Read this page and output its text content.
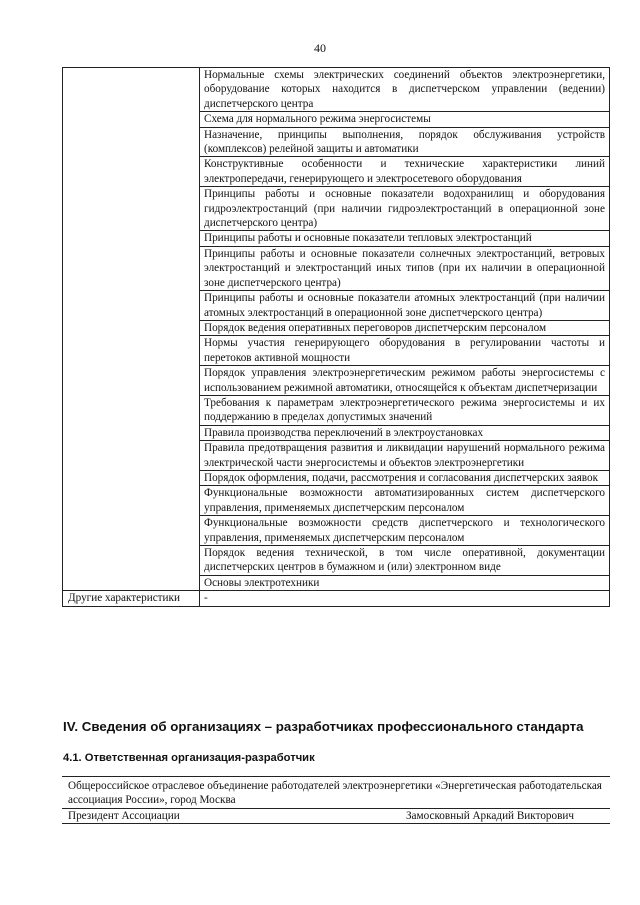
40
	Нормальные схемы электрических соединений объектов электроэнергетики, оборудование которых находится в диспетчерском управлении (ведении) диспетчерского центра
	Схема для нормального режима энергосистемы
	Назначение, принципы выполнения, порядок обслуживания устройств (комплексов) релейной защиты и автоматики
	Конструктивные особенности и технические характеристики линий электропередачи, генерирующего и электросетевого оборудования
	Принципы работы и основные показатели водохранилищ и оборудования гидроэлектростанций (при наличии гидроэлектростанций в операционной зоне диспетчерского центра)
	Принципы работы и основные показатели тепловых электростанций
	Принципы работы и основные показатели солнечных электростанций, ветровых электростанций и электростанций иных типов (при их наличии в операционной зоне диспетчерского центра)
	Принципы работы и основные показатели атомных электростанций (при наличии атомных электростанций в операционной зоне диспетчерского центра)
	Порядок ведения оперативных переговоров диспетчерским персоналом
	Нормы участия генерирующего оборудования в регулировании частоты и перетоков активной мощности
	Порядок управления электроэнергетическим режимом работы энергосистемы с использованием режимной автоматики, относящейся к объектам диспетчеризации
	Требования к параметрам электроэнергетического режима энергосистемы и их поддержанию в пределах допустимых значений
	Правила производства переключений в электроустановках
	Правила предотвращения развития и ликвидации нарушений нормального режима электрической части энергосистемы и объектов электроэнергетики
	Порядок оформления, подачи, рассмотрения и согласования диспетчерских заявок
	Функциональные возможности автоматизированных систем диспетчерского управления, применяемых диспетчерским персоналом
	Функциональные возможности средств диспетчерского и технологического управления, применяемых диспетчерским персоналом
	Порядок ведения технической, в том числе оперативной, документации диспетчерских центров в бумажном и (или) электронном виде
	Основы электротехники
Другие характеристики	-
IV. Сведения об организациях – разработчиках профессионального стандарта
4.1. Ответственная организация-разработчик
Общероссийское отраслевое объединение работодателей электроэнергетики «Энергетическая работодательская ассоциация России», город Москва
Президент Ассоциации	Замосковный Аркадий Викторович
